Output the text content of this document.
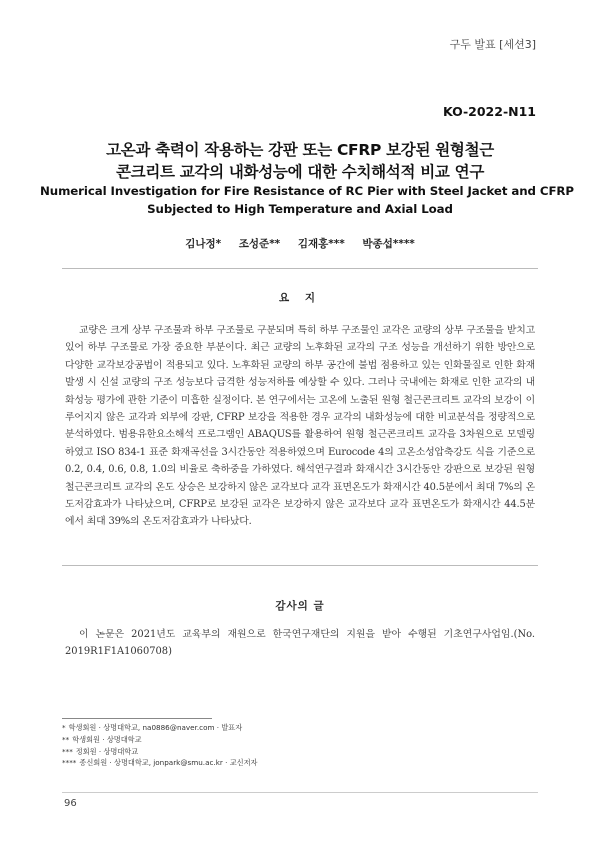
구두 발표 [세션3]
KO-2022-N11
고온과 축력이 작용하는 강판 또는 CFRP 보강된 원형철근
콘크리트 교각의 내화성능에 대한 수치해석적 비교 연구
Numerical Investigation for Fire Resistance of RC Pier with Steel Jacket and CFRP
Subjected to High Temperature and Axial Load
김나정* 조성준** 김재홍*** 박종섭****
요 지
교량은 크게 상부 구조물과 하부 구조물로 구분되며 특히 하부 구조물인 교각은 교량의 상부 구조물을 받치고 있어 하부 구조물로 가장 중요한 부분이다. 최근 교량의 노후화된 교각의 구조 성능을 개선하기 위한 방안으로 다양한 교각보강공법이 적용되고 있다. 노후화된 교량의 하부 공간에 불법 점용하고 있는 인화물질로 인한 화재 발생 시 신설 교량의 구조 성능보다 급격한 성능저하를 예상할 수 있다. 그러나 국내에는 화재로 인한 교각의 내화성능 평가에 관한 기준이 미흡한 실정이다. 본 연구에서는 고온에 노출된 원형 철근콘크리트 교각의 보강이 이루어지지 않은 교각과 외부에 강판, CFRP 보강을 적용한 경우 교각의 내화성능에 대한 비교분석을 정량적으로 분석하였다. 범용유한요소해석 프로그램인 ABAQUS를 활용하여 원형 철근콘크리트 교각을 3차원으로 모델링하였고 ISO 834-1 표준 화재곡선을 3시간동안 적용하였으며 Eurocode 4의 고온소성압축강도 식을 기준으로 0.2, 0.4, 0.6, 0.8, 1.0의 비율로 축하중을 가하였다. 해석연구결과 화재시간 3시간동안 강판으로 보강된 원형 철근콘크리트 교각의 온도 상승은 보강하지 않은 교각보다 교각 표면온도가 화재시간 40.5분에서 최대 7%의 온도저감효과가 나타났으며, CFRP로 보강된 교각은 보강하지 않은 교각보다 교각 표면온도가 화재시간 44.5분에서 최대 39%의 온도저감효과가 나타났다.
감사의 글
이 논문은 2021년도 교육부의 재원으로 한국연구재단의 지원을 받아 수행된 기초연구사업임.(No. 2019R1F1A1060708)
* 학생회원 · 상명대학교, na0886@naver.com · 발표자
** 학생회원 · 상명대학교
*** 정회원 · 상명대학교
**** 종신회원 · 상명대학교, jonpark@smu.ac.kr · 교신저자
96
